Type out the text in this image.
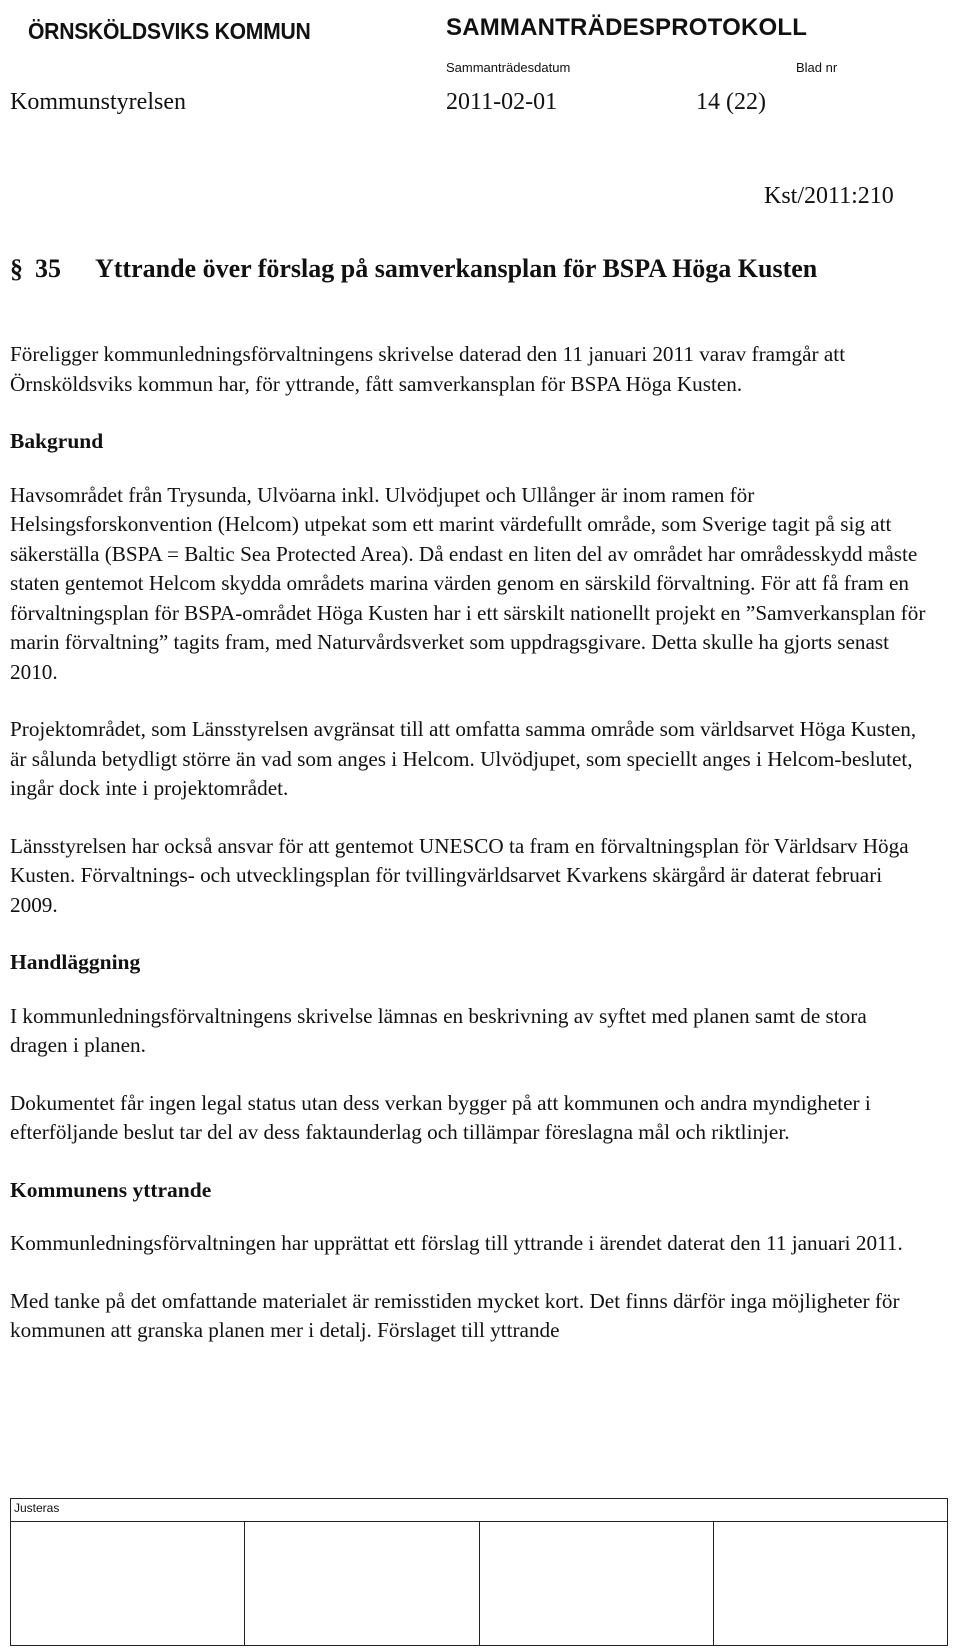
ÖRNSKÖLDSVIKS KOMMUN	SAMMANTRÄDESPROTOKOLL
Sammanträdesdatum	Blad nr
Kommunstyrelsen	2011-02-01	14 (22)
Kst/2011:210
§ 35 Yttrande över förslag på samverkansplan för BSPA Höga Kusten

Föreligger kommunledningsförvaltningens skrivelse daterad den 11 januari 2011 varav framgår att Örnsköldsviks kommun har, för yttrande, fått samverkansplan för BSPA Höga Kusten.

Bakgrund

Havsområdet från Trysunda, Ulvöarna inkl. Ulvödjupet och Ullånger är inom ramen för Helsingsforskonvention (Helcom) utpekat som ett marint värdefullt område, som Sverige tagit på sig att säkerställa (BSPA = Baltic Sea Protected Area). Då endast en liten del av området har områdesskydd måste staten gentemot Helcom skydda områdets marina värden genom en särskild förvaltning. För att få fram en förvaltningsplan för BSPA-området Höga Kusten har i ett särskilt nationellt projekt en ”Samverkansplan för marin förvaltning” tagits fram, med Naturvårdsverket som uppdragsgivare. Detta skulle ha gjorts senast 2010.

Projektområdet, som Länsstyrelsen avgränsat till att omfatta samma område som världsarvet Höga Kusten, är sålunda betydligt större än vad som anges i Helcom. Ulvödjupet, som speciellt anges i Helcom-beslutet, ingår dock inte i projektområdet.

Länsstyrelsen har också ansvar för att gentemot UNESCO ta fram en förvaltningsplan för Världsarv Höga Kusten. Förvaltnings- och utvecklingsplan för tvillingvärldsarvet Kvarkens skärgård är daterat februari 2009.

Handläggning

I kommunledningsförvaltningens skrivelse lämnas en beskrivning av syftet med planen samt de stora dragen i planen.

Dokumentet får ingen legal status utan dess verkan bygger på att kommunen och andra myndigheter i efterföljande beslut tar del av dess faktaunderlag och tillämpar föreslagna mål och riktlinjer.

Kommunens yttrande

Kommunledningsförvaltningen har upprättat ett förslag till yttrande i ärendet daterat den 11 januari 2011.

Med tanke på det omfattande materialet är remisstiden mycket kort. Det finns därför inga möjligheter för kommunen att granska planen mer i detalj. Förslaget till yttrande

Justeras
